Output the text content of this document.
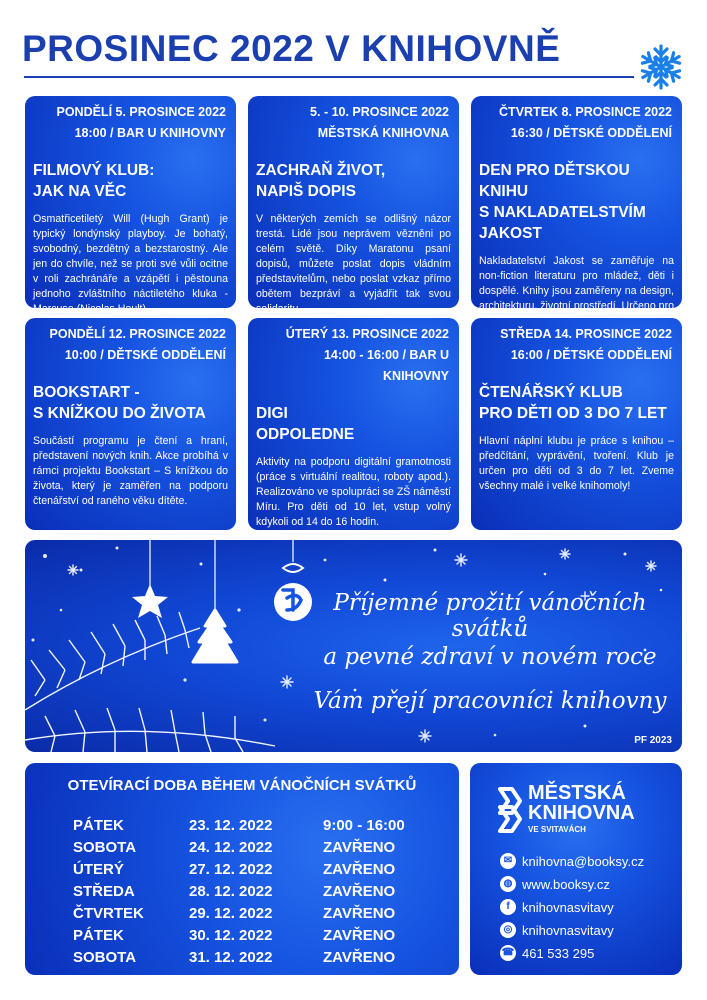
PROSINEC 2022 V KNIHOVNĚ
PONDĚLÍ 5. PROSINCE 2022
18:00 / BAR U KNIHOVNY
FILMOVÝ KLUB:
JAK NA VĚC
Osmatřicetiletý Will (Hugh Grant) je typický londýnský playboy. Je bohatý, svobodný, bezdětný a bezstarostný. Ale jen do chvíle, než se proti své vůli ocitne v roli zachránáře a vzápětí i pěstouna jednoho zvláštního náctiletého kluka - Marcuse (Nicolas Hoult).
5. - 10. PROSINCE 2022
MĚSTSKÁ KNIHOVNA
ZACHRAŇ ŽIVOT,
NAPIŠ DOPIS
V některých zemích se odlišný názor trestá. Lidé jsou neprávem vězněni po celém světě. Díky Maratonu psaní dopisů, můžete poslat dopis vládním představitelům, nebo poslat vzkaz přímo obětem bezpráví a vyjádřit tak svou solidaritu.
ČTVRTEK 8. PROSINCE 2022
16:30 / DĚTSKÉ ODDĚLENÍ
DEN PRO DĚTSKOU KNIHU
S NAKLADATELSTVÍM JAKOST
Nakladatelství Jakost se zaměřuje na non-fiction literaturu pro mládež, děti i dospělé. Knihy jsou zaměřeny na design, architekturu, životní prostředí. Určeno pro
PONDĚLÍ 12. PROSINCE 2022
10:00 / DĚTSKÉ ODDĚLENÍ
BOOKSTART -
S KNÍŽKOU DO ŽIVOTA
Součástí programu je čtení a hraní, představení nových knih. Akce probíhá v rámci projektu Bookstart – S knížkou do života, který je zaměřen na podporu čtenářství od raného věku dítěte.
ÚTERÝ 13. PROSINCE 2022
14:00 - 16:00 / BAR U KNIHOVNY
DIGI
ODPOLEDNE
Aktivity na podporu digitální gramotnosti (práce s virtuální realitou, roboty apod.). Realizováno ve spolupráci se ZŠ náměstí Míru. Pro děti od 10 let, vstup volný kdykoli od 14 do 16 hodin.
STŘEDA 14. PROSINCE 2022
16:00 / DĚTSKÉ ODDĚLENÍ
ČTENÁŘSKÝ KLUB
PRO DĚTI OD 3 DO 7 LET
Hlavní náplní klubu je práce s knihou – předčítání, vyprávění, tvoření. Klub je určen pro děti od 3 do 7 let. Zveme všechny malé i velké knihomoly!
Příjemné prožití vánočních svátků
a pevné zdraví v novém roce
Vám přejí pracovníci knihovny
PF 2023
OTEVÍRACÍ DOBA BĚHEM VÁNOČNÍCH SVÁTKŮ
PÁTEK	23. 12. 2022	9:00 - 16:00
SOBOTA	24. 12. 2022	ZAVŘENO
ÚTERÝ	27. 12. 2022	ZAVŘENO
STŘEDA	28. 12. 2022	ZAVŘENO
ČTVRTEK	29. 12. 2022	ZAVŘENO
PÁTEK	30. 12. 2022	ZAVŘENO
SOBOTA	31. 12. 2022	ZAVŘENO
MĚSTSKÁ
KNIHOVNA
VE SVITAVÁCH
✉ knihovna@booksy.cz
◍ www.booksy.cz
f knihovnasvitavy
◎ knihovnasvitavy
☎ 461 533 295
